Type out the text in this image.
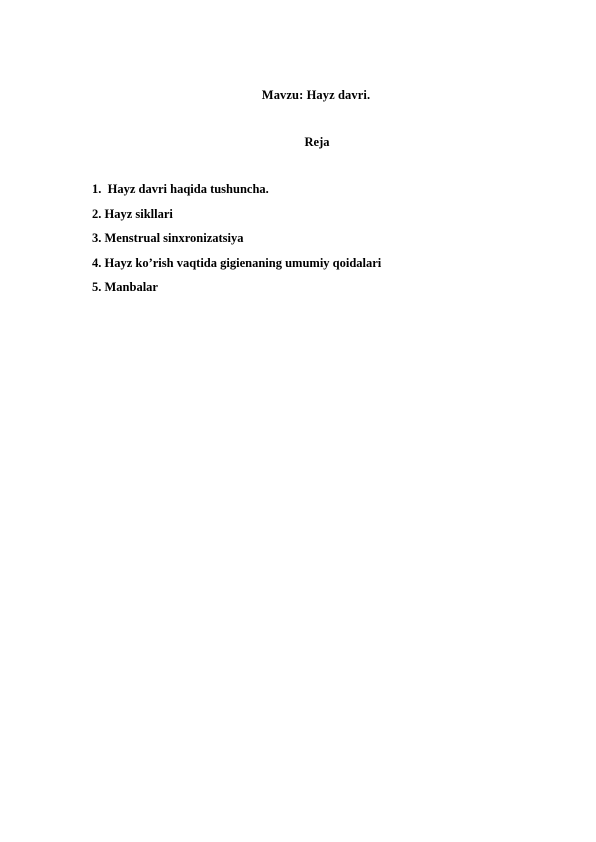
Mavzu: Hayz davri.
Reja
1.  Hayz davri haqida tushuncha.
2. Hayz sikllari
3. Menstrual sinxronizatsiya
4. Hayz ko’rish vaqtida gigienaning umumiy qoidalari
5. Manbalar
